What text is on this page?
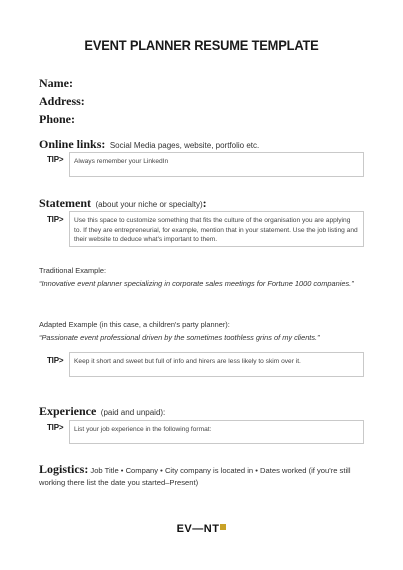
EVENT PLANNER RESUME TEMPLATE
Name:
Address:
Phone:
Online links: Social Media pages, website, portfolio etc.
TIP>	Always remember your LinkedIn
Statement (about your niche or specialty):
TIP>	Use this space to customize something that fits the culture of the organisation you are applying to. If they are entrepreneurial, for example, mention that in your statement. Use the job listing and their website to deduce what's important to them.
Traditional Example:
“Innovative event planner specializing in corporate sales meetings for Fortune 1000 companies.”
Adapted Example (in this case, a children's party planner):
“Passionate event professional driven by the sometimes toothless grins of my clients.”
TIP>	Keep it short and sweet but full of info and hirers are less likely to skim over it.
Experience (paid and unpaid):
TIP>	List your job experience in the following format:
Logistics: Job Title • Company • City company is located in • Dates worked (if you're still working there list the date you started–Present)
EV—NT
